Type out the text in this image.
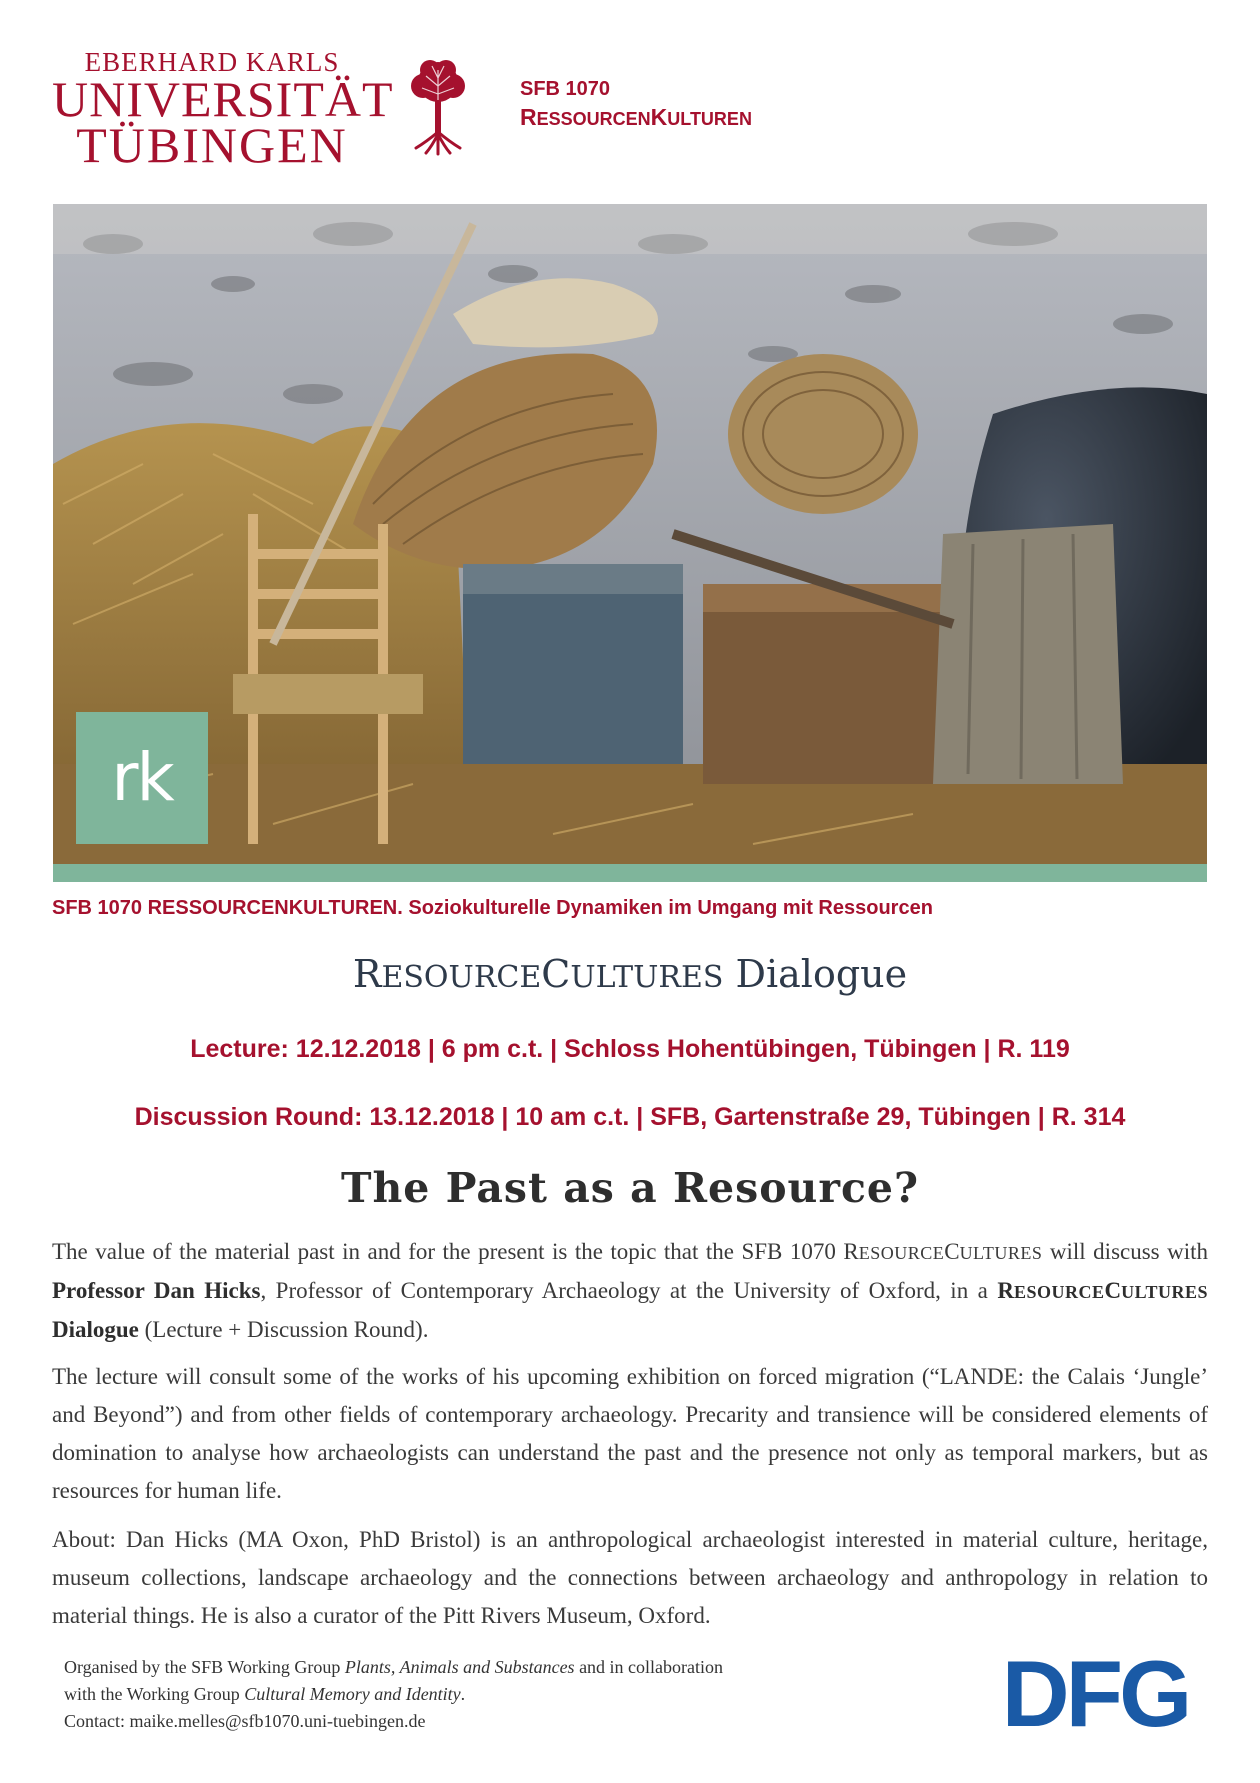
EBERHARD KARLS
UNIVERSITÄT
TÜBINGEN
SFB 1070
RESSOURCENKULTUREN
rk
SFB 1070 RESSOURCENKULTUREN. Soziokulturelle Dynamiken im Umgang mit Ressourcen
RESOURCECULTURES Dialogue
Lecture: 12.12.2018 | 6 pm c.t. | Schloss Hohentübingen, Tübingen | R. 119
Discussion Round: 13.12.2018 | 10 am c.t. | SFB, Gartenstraße 29, Tübingen | R. 314
The Past as a Resource?
The value of the material past in and for the present is the topic that the SFB 1070 RESOURCECULTURES will discuss with Professor Dan Hicks, Professor of Contemporary Archaeology at the University of Oxford, in a RESOURCECULTURES Dialogue (Lecture + Discussion Round).
The lecture will consult some of the works of his upcoming exhibition on forced migration (“LANDE: the Calais ‘Jungle’ and Beyond”) and from other fields of contemporary archaeology. Precarity and transience will be considered elements of domination to analyse how archaeologists can understand the past and the presence not only as temporal markers, but as resources for human life.
About: Dan Hicks (MA Oxon, PhD Bristol) is an anthropological archaeologist interested in material culture, heritage, museum collections, landscape archaeology and the connections between archaeology and anthropology in relation to material things. He is also a curator of the Pitt Rivers Museum, Oxford.
Organised by the SFB Working Group Plants, Animals and Substances and in collaboration
with the Working Group Cultural Memory and Identity.
Contact: maike.melles@sfb1070.uni-tuebingen.de	DFG
